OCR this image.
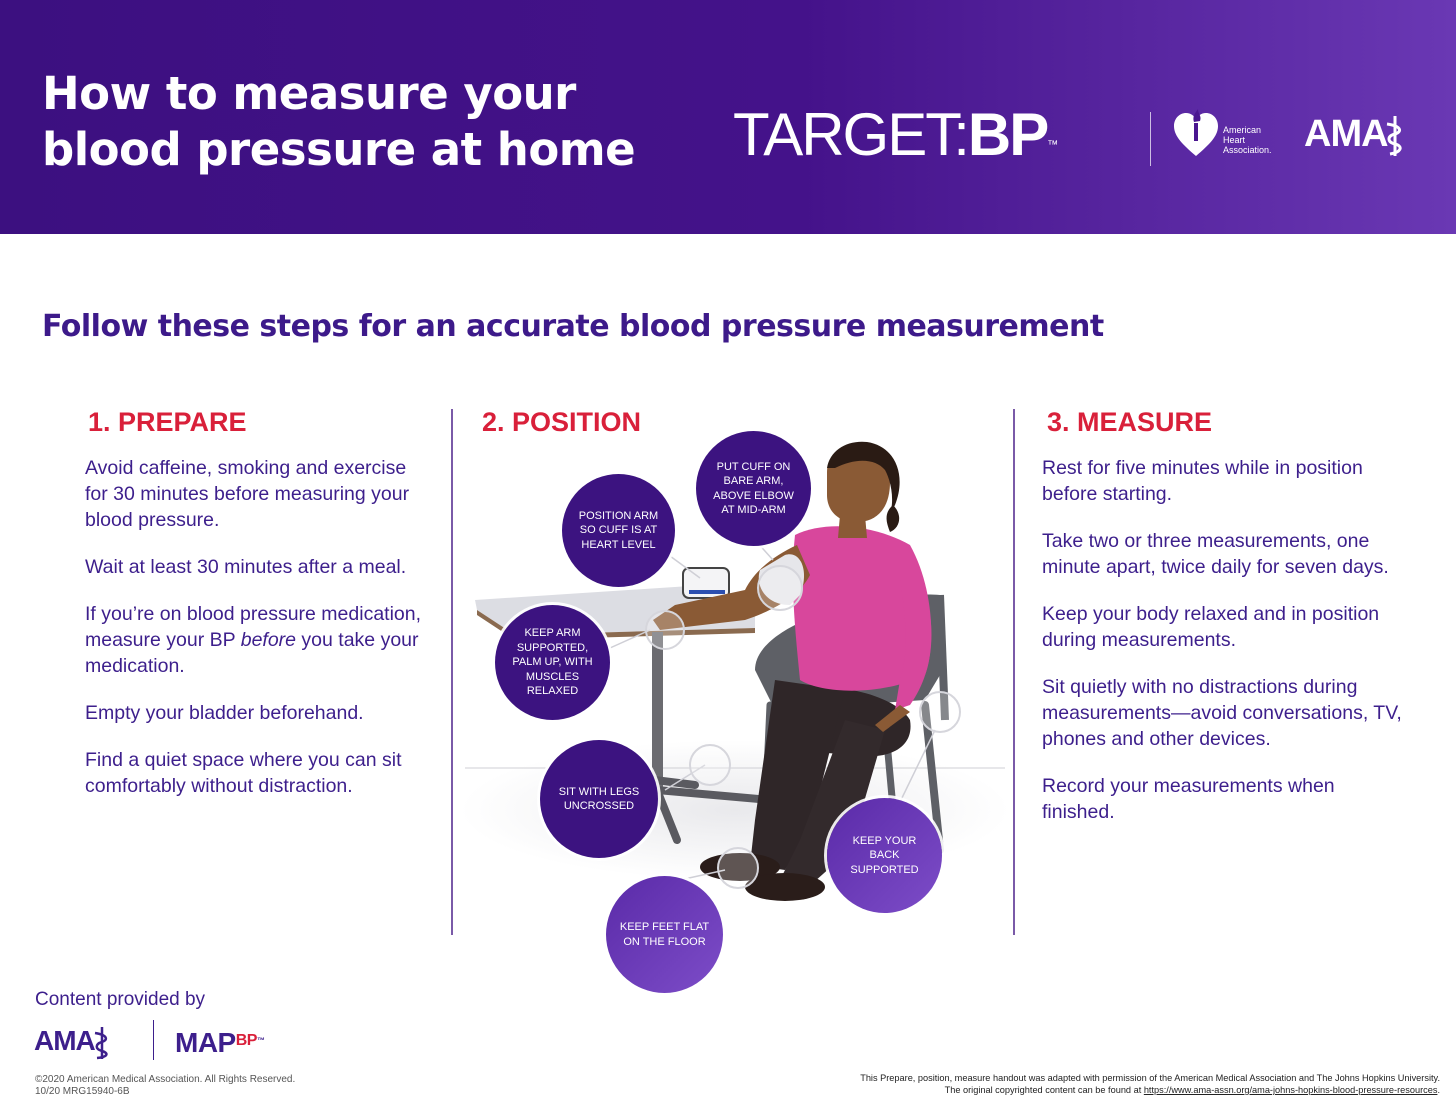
How to measure your
blood pressure at home TARGET:BP™
American
Heart
Association. AMA
Follow these steps for an accurate blood pressure measurement
1. PREPARE	2. POSITION	3. MEASURE

Avoid caffeine, smoking and exercise for 30 minutes before measuring your blood pressure.

Wait at least 30 minutes after a meal.

If you’re on blood pressure medication, measure your BP before you take your medication.

Empty your bladder beforehand.

Find a quiet space where you can sit comfortably without distraction.

Rest for five minutes while in position before starting.

Take two or three measurements, one minute apart, twice daily for seven days.

Keep your body relaxed and in position during measurements.

Sit quietly with no distractions during measurements—avoid conversations, TV, phones and other devices.

Record your measurements when finished.

PUT CUFF ON BARE ARM, ABOVE ELBOW AT MID-ARM
POSITION ARM SO CUFF IS AT HEART LEVEL
KEEP ARM SUPPORTED, PALM UP, WITH MUSCLES RELAXED
SIT WITH LEGS UNCROSSED
KEEP YOUR BACK SUPPORTED
KEEP FEET FLAT ON THE FLOOR
Content provided by
AMA	$MAP^{BP™}$
©2020 American Medical Association. All Rights Reserved.
10/20 MRG15940-6B
This Prepare, position, measure handout was adapted with permission of the American Medical Association and The Johns Hopkins University.
The original copyrighted content can be found at https://www.ama-assn.org/ama-johns-hopkins-blood-pressure-resources.
